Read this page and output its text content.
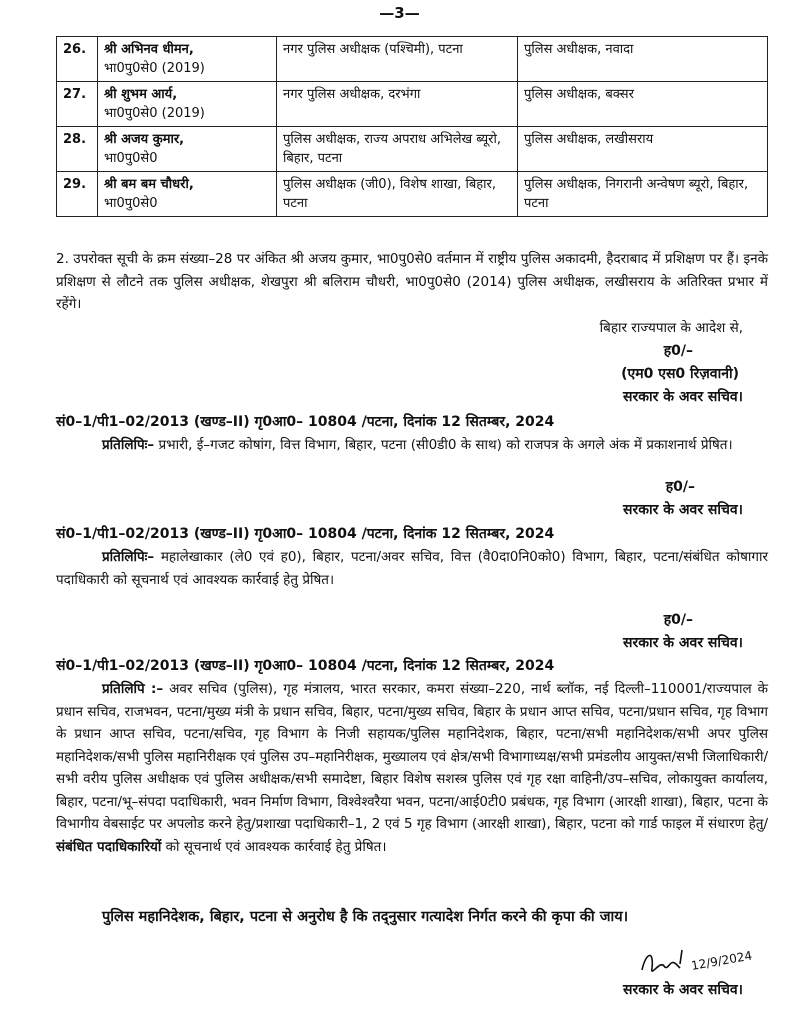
—3—
26.	श्री अभिनव धीमन,
भा0पु0से0 (2019)	नगर पुलिस अधीक्षक (पश्चिमी), पटना	पुलिस अधीक्षक, नवादा
27.	श्री शुभम आर्य,
भा0पु0से0 (2019)	नगर पुलिस अधीक्षक, दरभंगा	पुलिस अधीक्षक, बक्सर
28.	श्री अजय कुमार,
भा0पु0से0	पुलिस अधीक्षक, राज्य अपराध अभिलेख ब्यूरो, बिहार, पटना	पुलिस अधीक्षक, लखीसराय
29.	श्री बम बम चौधरी,
भा0पु0से0	पुलिस अधीक्षक (जी0), विशेष शाखा, बिहार, पटना	पुलिस अधीक्षक, निगरानी अन्वेषण ब्यूरो, बिहार, पटना
2. उपरोक्त सूची के क्रम संख्या–28 पर अंकित श्री अजय कुमार, भा0पु0से0 वर्तमान में राष्ट्रीय पुलिस अकादमी, हैदराबाद में प्रशिक्षण पर हैं। इनके प्रशिक्षण से लौटने तक पुलिस अधीक्षक, शेखपुरा श्री बलिराम चौधरी, भा0पु0से0 (2014) पुलिस अधीक्षक, लखीसराय के अतिरिक्त प्रभार में रहेंगे।
बिहार राज्यपाल के आदेश से,
ह0/–
(एम0 एस0 रिज़वानी)
सरकार के अवर सचिव।
सं0–1/पी1–02/2013 (खण्ड–II) गृ0आ0– 10804 /पटना, दिनांक 12 सितम्बर, 2024
प्रतिलिपिः– प्रभारी, ई–गजट कोषांग, वित्त विभाग, बिहार, पटना (सी0डी0 के साथ) को राजपत्र के अगले अंक में प्रकाशनार्थ प्रेषित।
ह0/–
सरकार के अवर सचिव।
सं0–1/पी1–02/2013 (खण्ड–II) गृ0आ0– 10804 /पटना, दिनांक 12 सितम्बर, 2024
प्रतिलिपिः– महालेखाकार (ले0 एवं ह0), बिहार, पटना/अवर सचिव, वित्त (वै0दा0नि0को0) विभाग, बिहार, पटना/संबंधित कोषागार पदाधिकारी को सूचनार्थ एवं आवश्यक कार्रवाई हेतु प्रेषित।
ह0/–
सरकार के अवर सचिव।
सं0–1/पी1–02/2013 (खण्ड–II) गृ0आ0– 10804 /पटना, दिनांक 12 सितम्बर, 2024
प्रतिलिपि :– अवर सचिव (पुलिस), गृह मंत्रालय, भारत सरकार, कमरा संख्या–220, नार्थ ब्लॉक, नई दिल्ली–110001/राज्यपाल के प्रधान सचिव, राजभवन, पटना/मुख्य मंत्री के प्रधान सचिव, बिहार, पटना/मुख्य सचिव, बिहार के प्रधान आप्त सचिव, पटना/प्रधान सचिव, गृह विभाग के प्रधान आप्त सचिव, पटना/सचिव, गृह विभाग के निजी सहायक/पुलिस महानिदेशक, बिहार, पटना/सभी महानिदेशक/सभी अपर पुलिस महानिदेशक/सभी पुलिस महानिरीक्षक एवं पुलिस उप–महानिरीक्षक, मुख्यालय एवं क्षेत्र/सभी विभागाध्यक्ष/सभी प्रमंडलीय आयुक्त/सभी जिलाधिकारी/सभी वरीय पुलिस अधीक्षक एवं पुलिस अधीक्षक/सभी समादेष्टा, बिहार विशेष सशस्त्र पुलिस एवं गृह रक्षा वाहिनी/उप–सचिव, लोकायुक्त कार्यालय, बिहार, पटना/भू–संपदा पदाधिकारी, भवन निर्माण विभाग, विश्वेश्वरैया भवन, पटना/आई0टी0 प्रबंधक, गृह विभाग (आरक्षी शाखा), बिहार, पटना के विभागीय वेबसाईट पर अपलोड करने हेतु/प्रशाखा पदाधिकारी–1, 2 एवं 5 गृह विभाग (आरक्षी शाखा), बिहार, पटना को गार्ड फाइल में संधारण हेतु/संबंधित पदाधिकारियों को सूचनार्थ एवं आवश्यक कार्रवाई हेतु प्रेषित।
पुलिस महानिदेशक, बिहार, पटना से अनुरोध है कि तद्नुसार गत्यादेश निर्गत करने की कृपा की जाय।
12/9/2024
सरकार के अवर सचिव।
